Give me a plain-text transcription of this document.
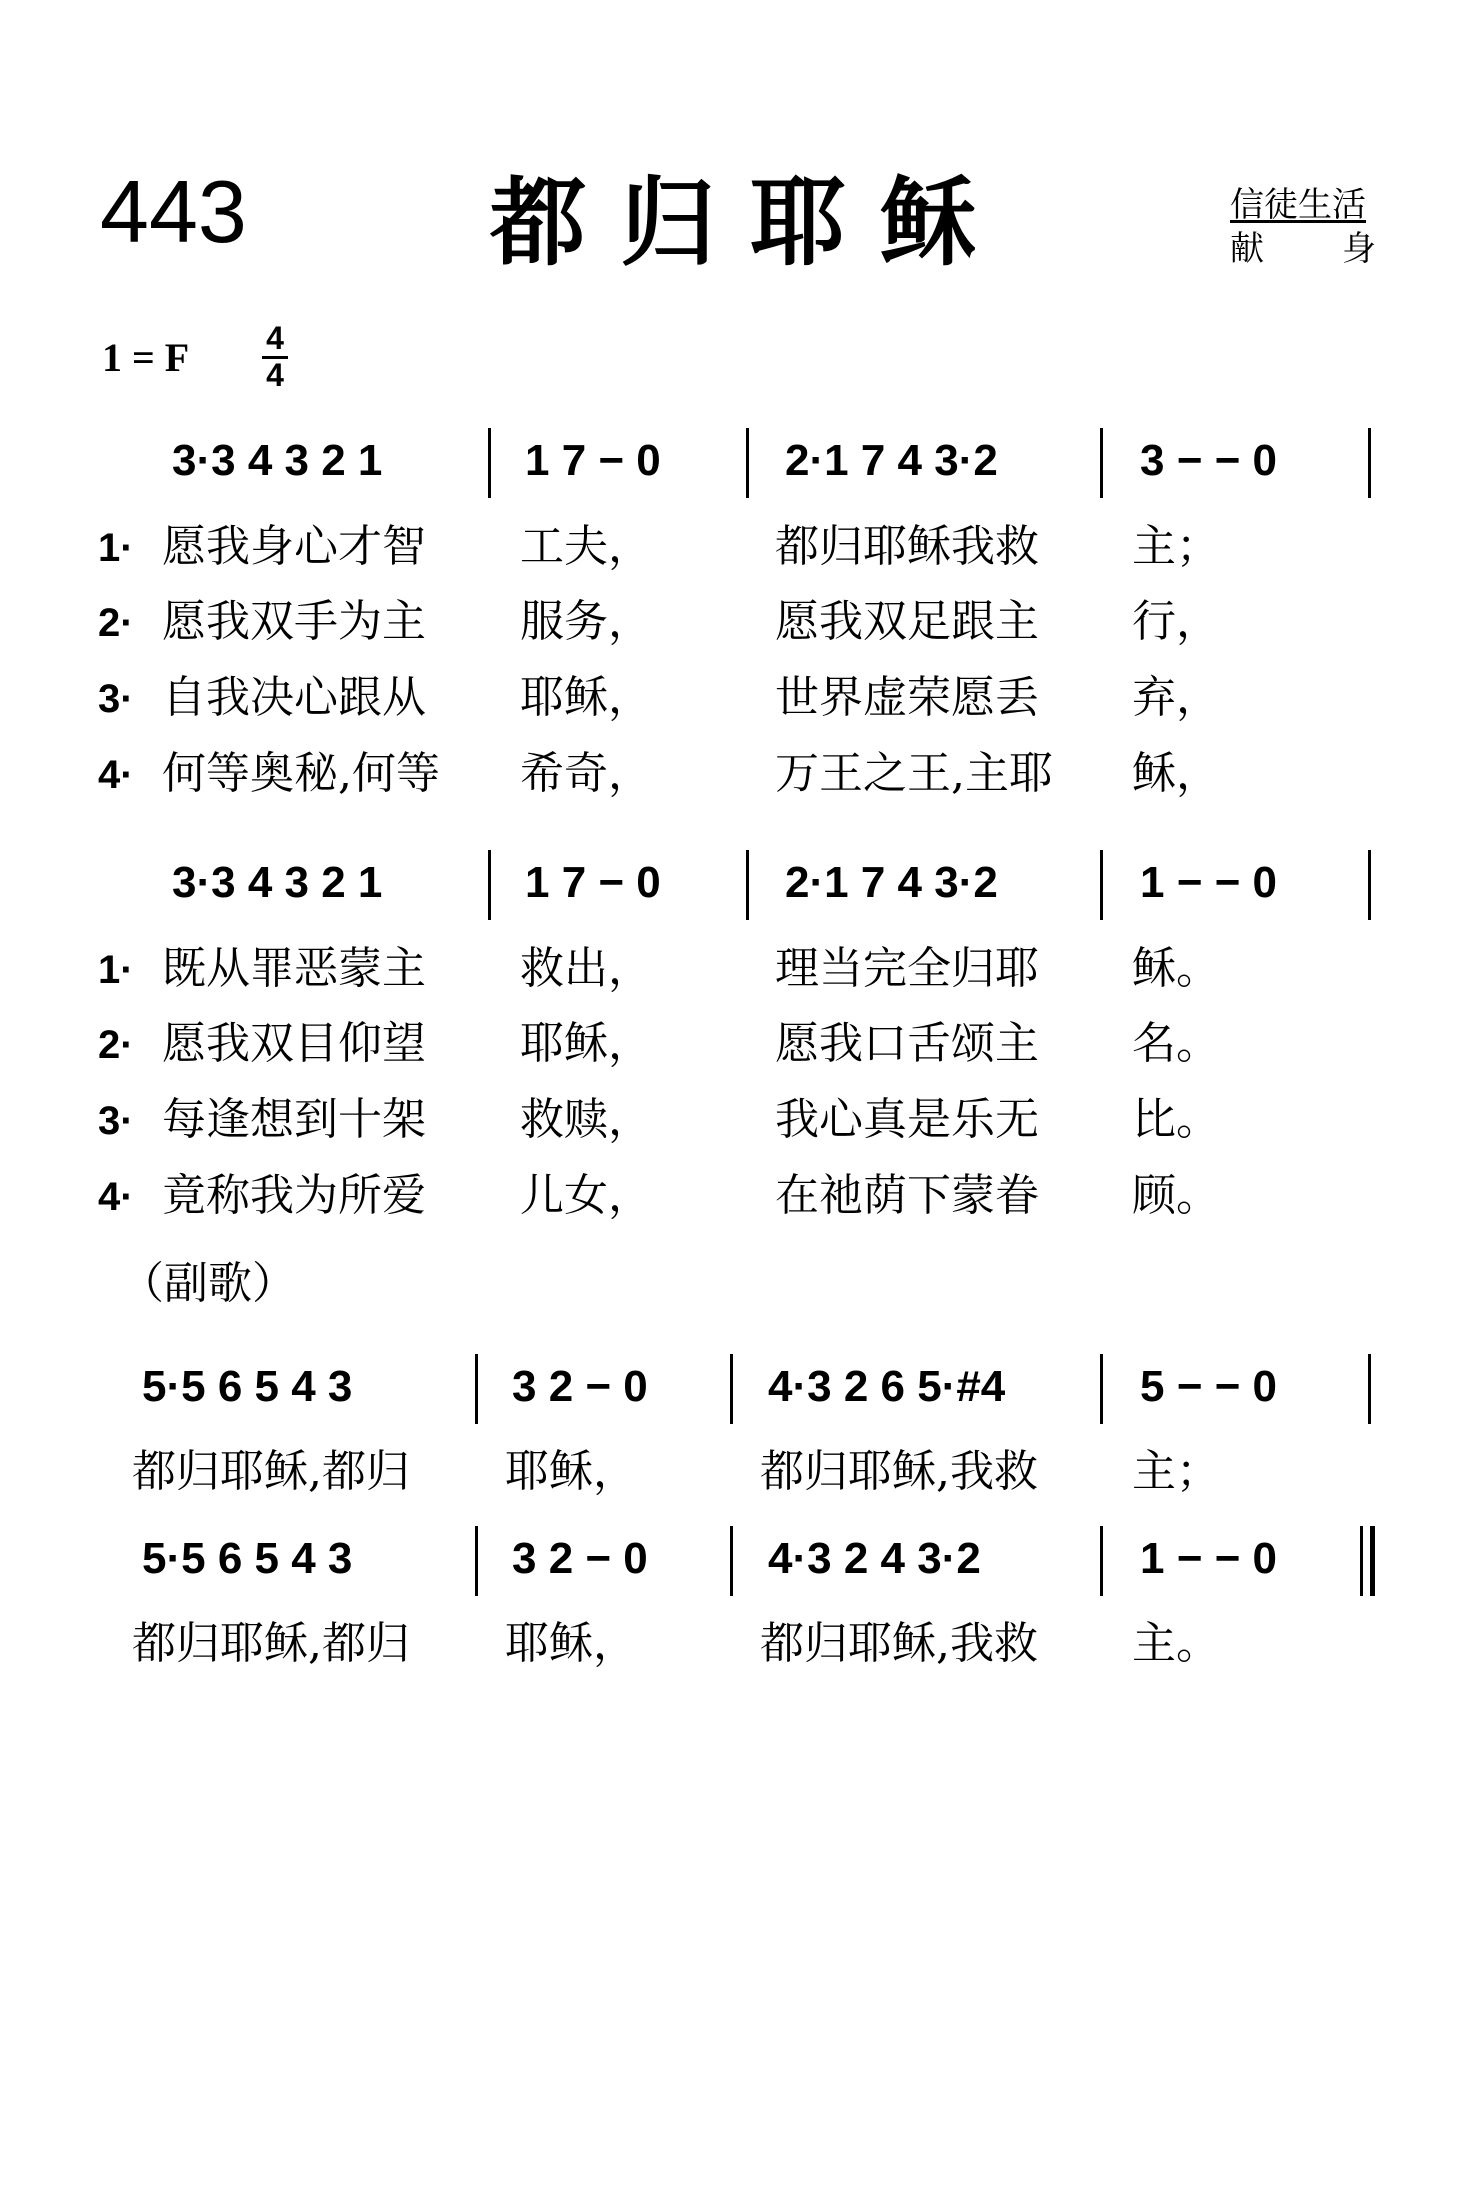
443	都归耶稣	信徒生活
献 身
1 = F 4
4
3·3 4 3 2 1	1 7 − 0	2·1 7 4 3·2	3 − − 0
1· 愿我身心才智 工夫，	都归耶稣我救 主；
2· 愿我双手为主 服务，	愿我双足跟主 行，
3· 自我决心跟从 耶稣，	世界虚荣愿丢 弃，
4· 何等奥秘,何等 希奇，	万王之王,主耶 稣，
3·3 4 3 2 1	1 7 − 0	2·1 7 4 3·2	1 − − 0
1· 既从罪恶蒙主 救出，	理当完全归耶 稣。
2· 愿我双目仰望 耶稣，	愿我口舌颂主 名。
3· 每逢想到十架 救赎，	我心真是乐无 比。
4· 竟称我为所爱 儿女，	在祂荫下蒙眷 顾。
（副歌）
5·5 6 5 4 3	3 2 − 0	4·3 2 6 5·#4	5 − − 0
都归耶稣,都归 耶稣，	都归耶稣,我救 主；
5·5 6 5 4 3	3 2 − 0	4·3 2 4 3·2	1 − − 0
都归耶稣,都归 耶稣，	都归耶稣,我救 主。
